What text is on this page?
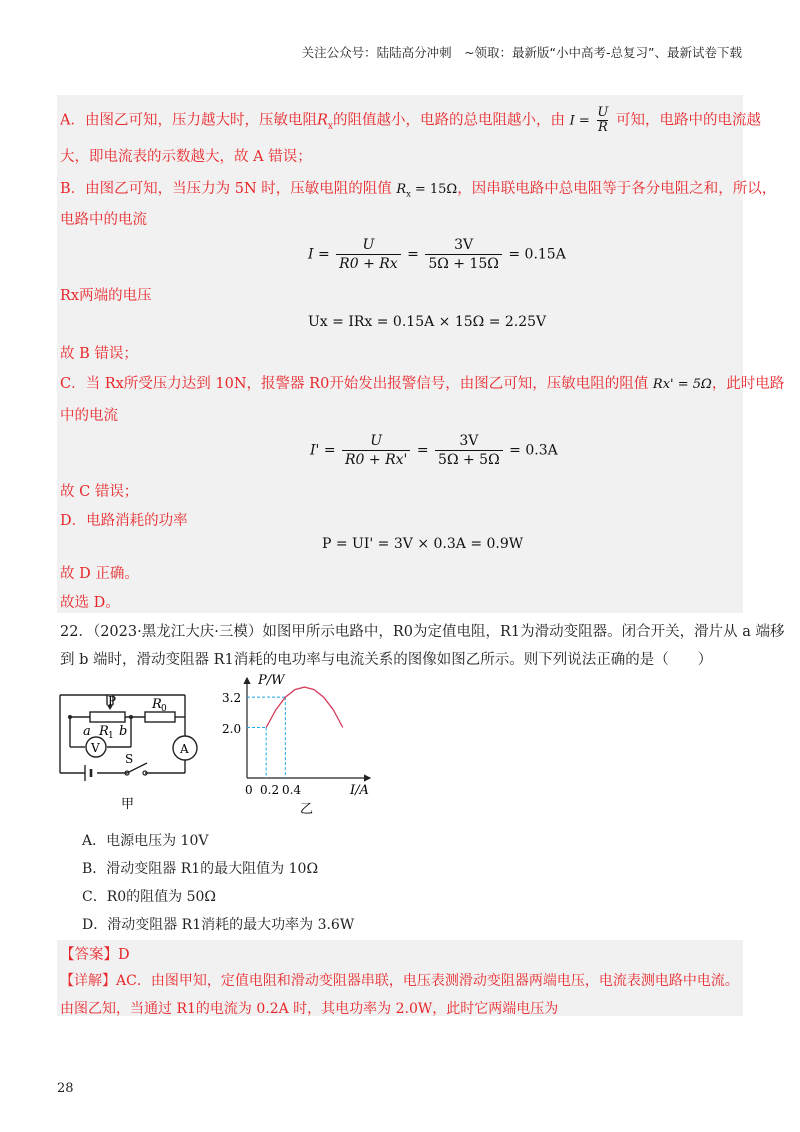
关注公众号：陆陆高分冲刺　~领取：最新版“小中高考-总复习”、最新试卷下载
A．由图乙可知，压力越大时，压敏电阻$R_x$的阻值越小，电路的总电阻越小，由 $I = \frac{U}{R}$ 可知，电路中的电流越
大，即电流表的示数越大，故 A 错误；
B．由图乙可知，当压力为 5N 时，压敏电阻的阻值 $R_x = 15\Omega$，因串联电路中总电阻等于各分电阻之和，所以，
电路中的电流
$I = \frac{U}{R0 + Rx} = \frac{3V}{5\Omega + 15\Omega} = 0.15A$
Rx两端的电压
Ux = IRx = 0.15A × 15Ω = 2.25V
故 B 错误；
C．当 Rx所受压力达到 10N，报警器 R0开始发出报警信号，由图乙可知，压敏电阻的阻值 Rx' = 5Ω，此时电路
中的电流
$I' = \frac{U}{R0 + Rx'} = \frac{3V}{5\Omega + 5\Omega} = 0.3A$
故 C 错误；
D．电路消耗的功率
P = UI' = 3V × 0.3A = 0.9W
故 D 正确。
故选 D。
22．（2023·黑龙江大庆·三模）如图甲所示电路中，R0为定值电阻，R1为滑动变阻器。闭合开关，滑片从 a 端移
到 b 端时，滑动变阻器 R1消耗的电功率与电流关系的图像如图乙所示。则下列说法正确的是（　　）
P	R 0
a R 1 b
V	A
S
甲
P/W
3.2
2.0
0 0.2 0.4	I/A
乙
A．电源电压为 10V
B．滑动变阻器 R1的最大阻值为 10Ω
C．R0的阻值为 50Ω
D．滑动变阻器 R1消耗的最大功率为 3.6W
【答案】D
【详解】AC．由图甲知，定值电阻和滑动变阻器串联，电压表测滑动变阻器两端电压，电流表测电路中电流。
由图乙知，当通过 R1的电流为 0.2A 时，其电功率为 2.0W，此时它两端电压为
28
